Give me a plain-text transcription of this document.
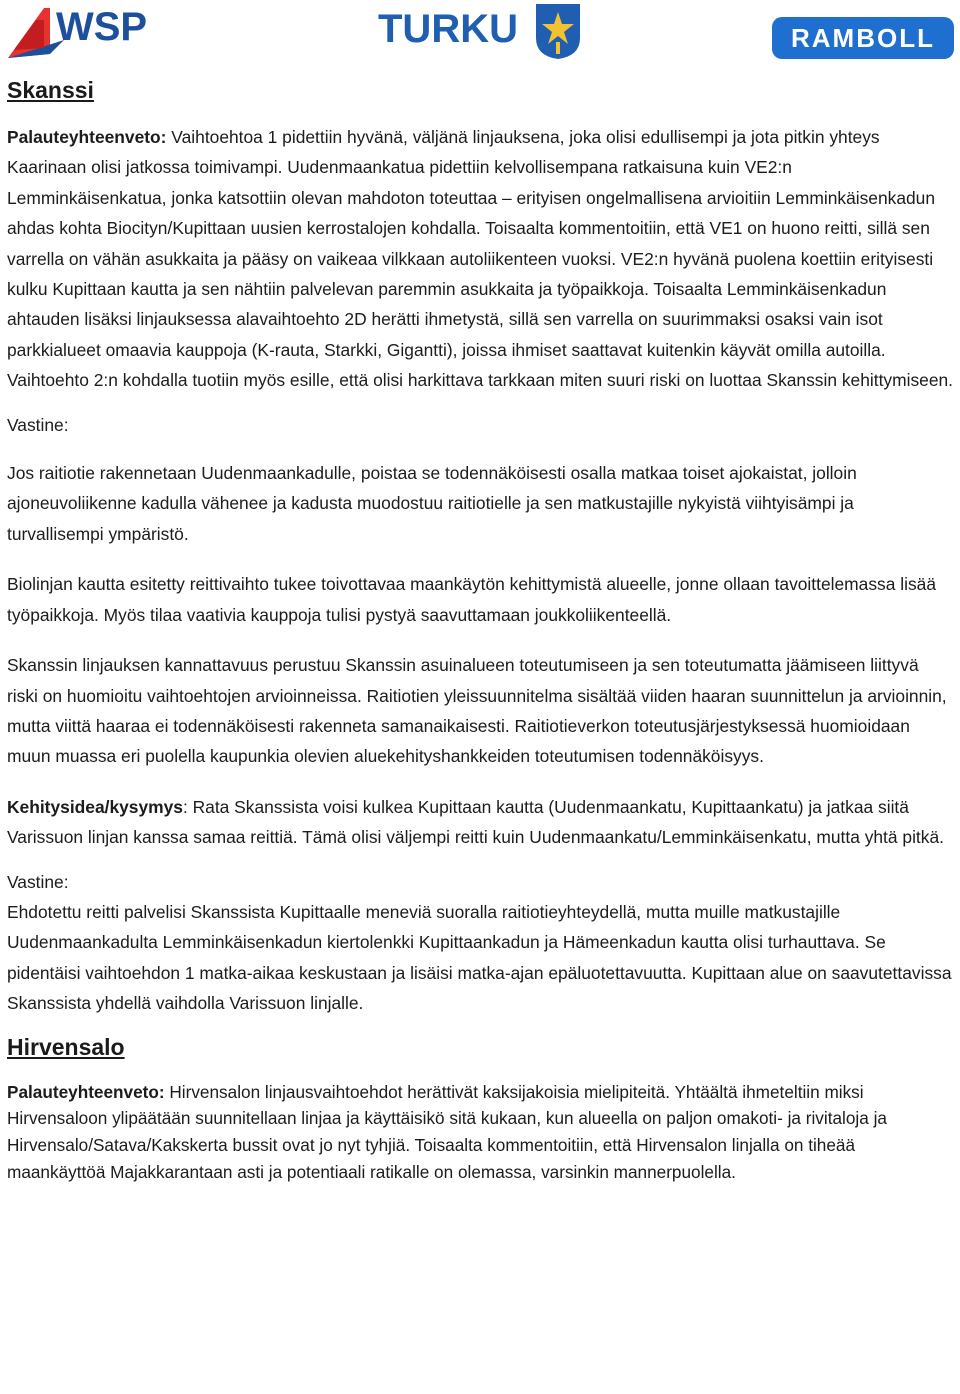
WSP	TURKU	RAMBOLL
Skanssi

Palauteyhteenveto: Vaihtoehtoa 1 pidettiin hyvänä, väljänä linjauksena, joka olisi edullisempi ja jota pitkin yhteys Kaarinaan olisi jatkossa toimivampi. Uudenmaankatua pidettiin kelvollisempana ratkaisuna kuin VE2:n Lemminkäisenkatua, jonka katsottiin olevan mahdoton toteuttaa – erityisen ongelmallisena arvioitiin Lemminkäisenkadun ahdas kohta Biocityn/Kupittaan uusien kerrostalojen kohdalla. Toisaalta kommentoitiin, että VE1 on huono reitti, sillä sen varrella on vähän asukkaita ja pääsy on vaikeaa vilkkaan autoliikenteen vuoksi. VE2:n hyvänä puolena koettiin erityisesti kulku Kupittaan kautta ja sen nähtiin palvelevan paremmin asukkaita ja työpaikkoja. Toisaalta Lemminkäisenkadun ahtauden lisäksi linjauksessa alavaihtoehto 2D herätti ihmetystä, sillä sen varrella on suurimmaksi osaksi vain isot parkkialueet omaavia kauppoja (K-rauta, Starkki, Gigantti), joissa ihmiset saattavat kuitenkin käyvät omilla autoilla. Vaihtoehto 2:n kohdalla tuotiin myös esille, että olisi harkittava tarkkaan miten suuri riski on luottaa Skanssin kehittymiseen.

Vastine:

Jos raitiotie rakennetaan Uudenmaankadulle, poistaa se todennäköisesti osalla matkaa toiset ajokaistat, jolloin ajoneuvoliikenne kadulla vähenee ja kadusta muodostuu raitiotielle ja sen matkustajille nykyistä viihtyisämpi ja turvallisempi ympäristö.

Biolinjan kautta esitetty reittivaihto tukee toivottavaa maankäytön kehittymistä alueelle, jonne ollaan tavoittelemassa lisää työpaikkoja. Myös tilaa vaativia kauppoja tulisi pystyä saavuttamaan joukkoliikenteellä.

Skanssin linjauksen kannattavuus perustuu Skanssin asuinalueen toteutumiseen ja sen toteutumatta jäämiseen liittyvä riski on huomioitu vaihtoehtojen arvioinneissa. Raitiotien yleissuunnitelma sisältää viiden haaran suunnittelun ja arvioinnin, mutta viittä haaraa ei todennäköisesti rakenneta samanaikaisesti. Raitiotieverkon toteutusjärjestyksessä huomioidaan muun muassa eri puolella kaupunkia olevien aluekehityshankkeiden toteutumisen todennäköisyys.

Kehitysidea/kysymys: Rata Skanssista voisi kulkea Kupittaan kautta (Uudenmaankatu, Kupittaankatu) ja jatkaa siitä Varissuon linjan kanssa samaa reittiä. Tämä olisi väljempi reitti kuin Uudenmaankatu/Lemminkäisenkatu, mutta yhtä pitkä.

Vastine:

Ehdotettu reitti palvelisi Skanssista Kupittaalle meneviä suoralla raitiotieyhteydellä, mutta muille matkustajille Uudenmaankadulta Lemminkäisenkadun kiertolenkki Kupittaankadun ja Hämeenkadun kautta olisi turhauttava. Se pidentäisi vaihtoehdon 1 matka-aikaa keskustaan ja lisäisi matka-ajan epäluotettavuutta. Kupittaan alue on saavutettavissa Skanssista yhdellä vaihdolla Varissuon linjalle.

Hirvensalo

Palauteyhteenveto: Hirvensalon linjausvaihtoehdot herättivät kaksijakoisia mielipiteitä. Yhtäältä ihmeteltiin miksi Hirvensaloon ylipäätään suunnitellaan linjaa ja käyttäisikö sitä kukaan, kun alueella on paljon omakoti- ja rivitaloja ja Hirvensalo/Satava/Kakskerta bussit ovat jo nyt tyhjiä. Toisaalta kommentoitiin, että Hirvensalon linjalla on tiheää maankäyttöä Majakkarantaan asti ja potentiaali ratikalle on olemassa, varsinkin mannerpuolella.
